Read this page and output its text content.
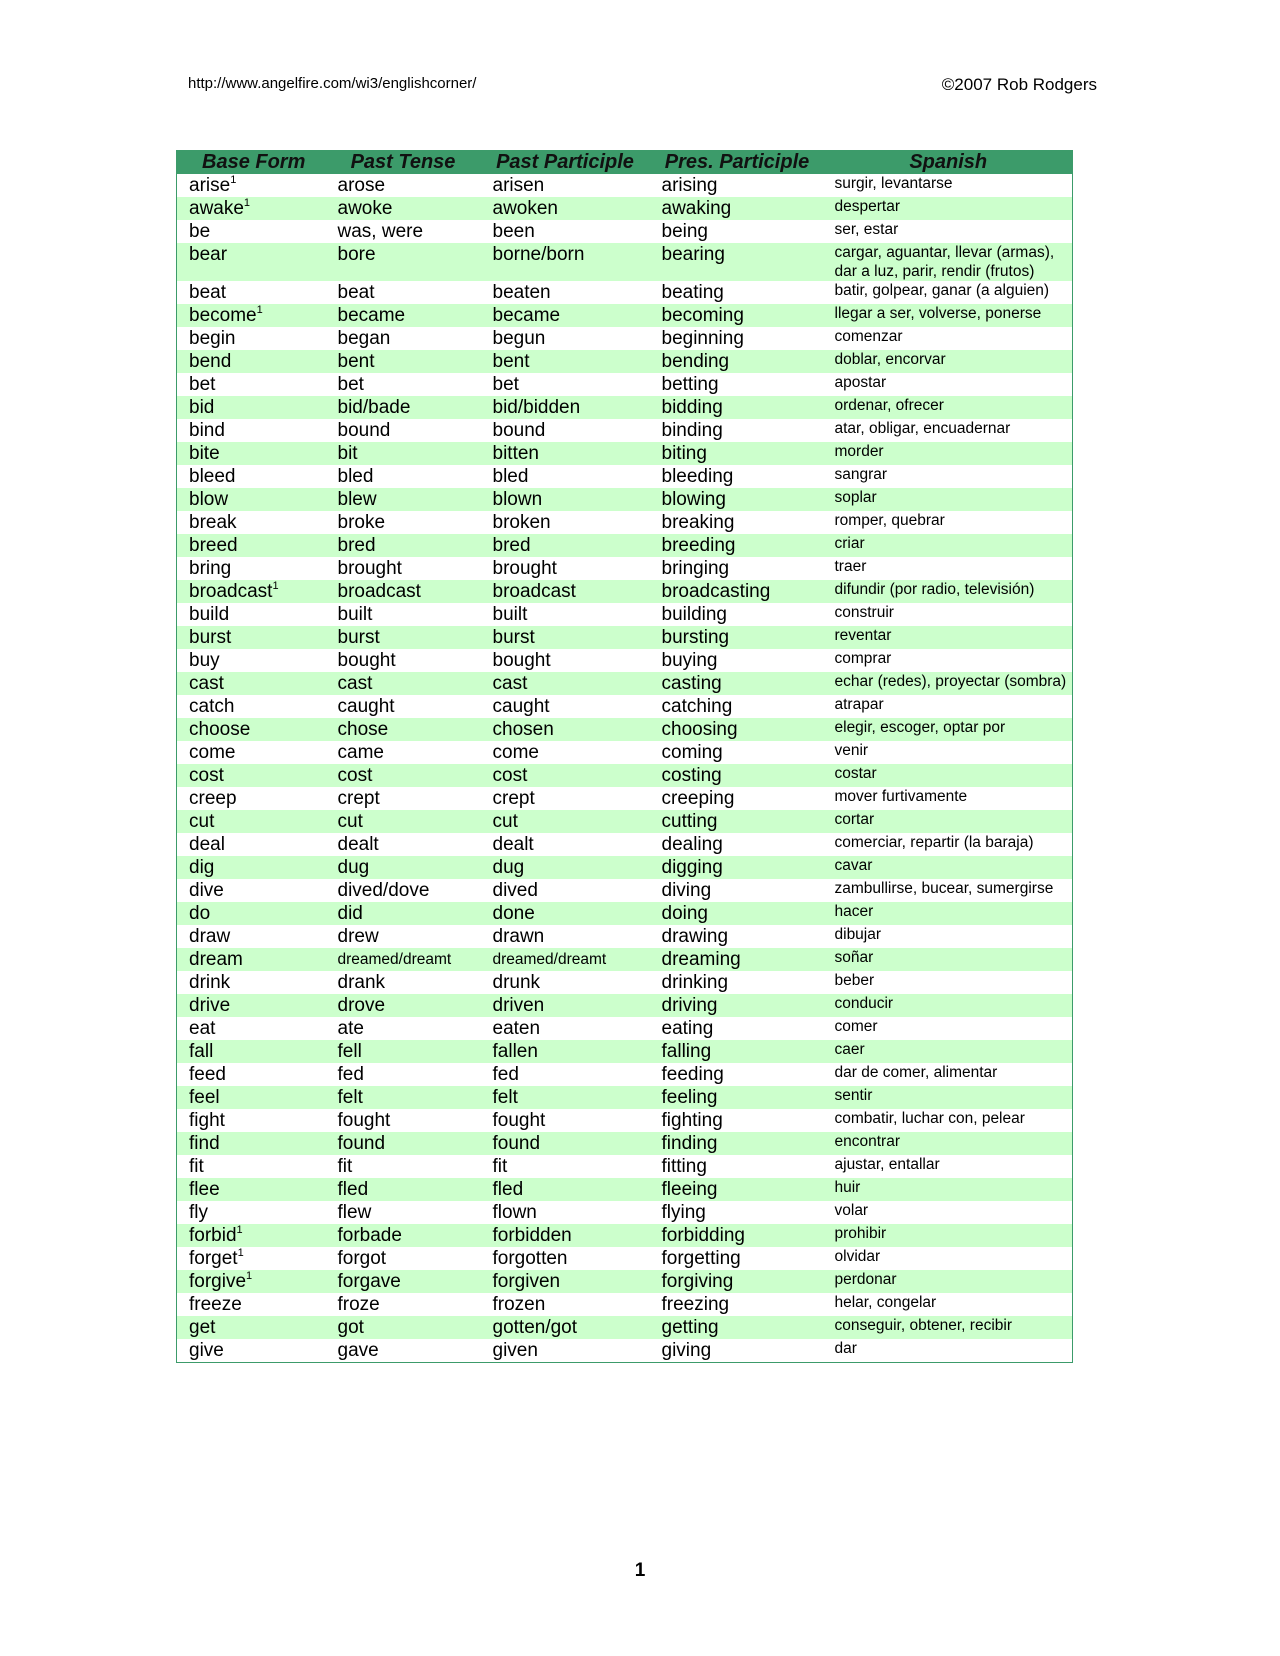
http://www.angelfire.com/wi3/englishcorner/	©2007 Rob Rodgers
Base Form	Past Tense	Past Participle	Pres. Participle	Spanish
arise$^1$	arose	arisen	arising	surgir, levantarse
awake$^1$	awoke	awoken	awaking	despertar
be	was, were	been	being	ser, estar
bear	bore	borne/born	bearing	cargar, aguantar, llevar (armas), dar a luz, parir, rendir (frutos)
beat	beat	beaten	beating	batir, golpear, ganar (a alguien)
become$^1$	became	became	becoming	llegar a ser, volverse, ponerse
begin	began	begun	beginning	comenzar
bend	bent	bent	bending	doblar, encorvar
bet	bet	bet	betting	apostar
bid	bid/bade	bid/bidden	bidding	ordenar, ofrecer
bind	bound	bound	binding	atar, obligar, encuadernar
bite	bit	bitten	biting	morder
bleed	bled	bled	bleeding	sangrar
blow	blew	blown	blowing	soplar
break	broke	broken	breaking	romper, quebrar
breed	bred	bred	breeding	criar
bring	brought	brought	bringing	traer
broadcast$^1$	broadcast	broadcast	broadcasting	difundir (por radio, televisión)
build	built	built	building	construir
burst	burst	burst	bursting	reventar
buy	bought	bought	buying	comprar
cast	cast	cast	casting	echar (redes), proyectar (sombra)
catch	caught	caught	catching	atrapar
choose	chose	chosen	choosing	elegir, escoger, optar por
come	came	come	coming	venir
cost	cost	cost	costing	costar
creep	crept	crept	creeping	mover furtivamente
cut	cut	cut	cutting	cortar
deal	dealt	dealt	dealing	comerciar, repartir (la baraja)
dig	dug	dug	digging	cavar
dive	dived/dove	dived	diving	zambullirse, bucear, sumergirse
do	did	done	doing	hacer
draw	drew	drawn	drawing	dibujar
dream	dreamed/dreamt	dreamed/dreamt	dreaming	soñar
drink	drank	drunk	drinking	beber
drive	drove	driven	driving	conducir
eat	ate	eaten	eating	comer
fall	fell	fallen	falling	caer
feed	fed	fed	feeding	dar de comer, alimentar
feel	felt	felt	feeling	sentir
fight	fought	fought	fighting	combatir, luchar con, pelear
find	found	found	finding	encontrar
fit	fit	fit	fitting	ajustar, entallar
flee	fled	fled	fleeing	huir
fly	flew	flown	flying	volar
forbid$^1$	forbade	forbidden	forbidding	prohibir
forget$^1$	forgot	forgotten	forgetting	olvidar
forgive$^1$	forgave	forgiven	forgiving	perdonar
freeze	froze	frozen	freezing	helar, congelar
get	got	gotten/got	getting	conseguir, obtener, recibir
give	gave	given	giving	dar
1
